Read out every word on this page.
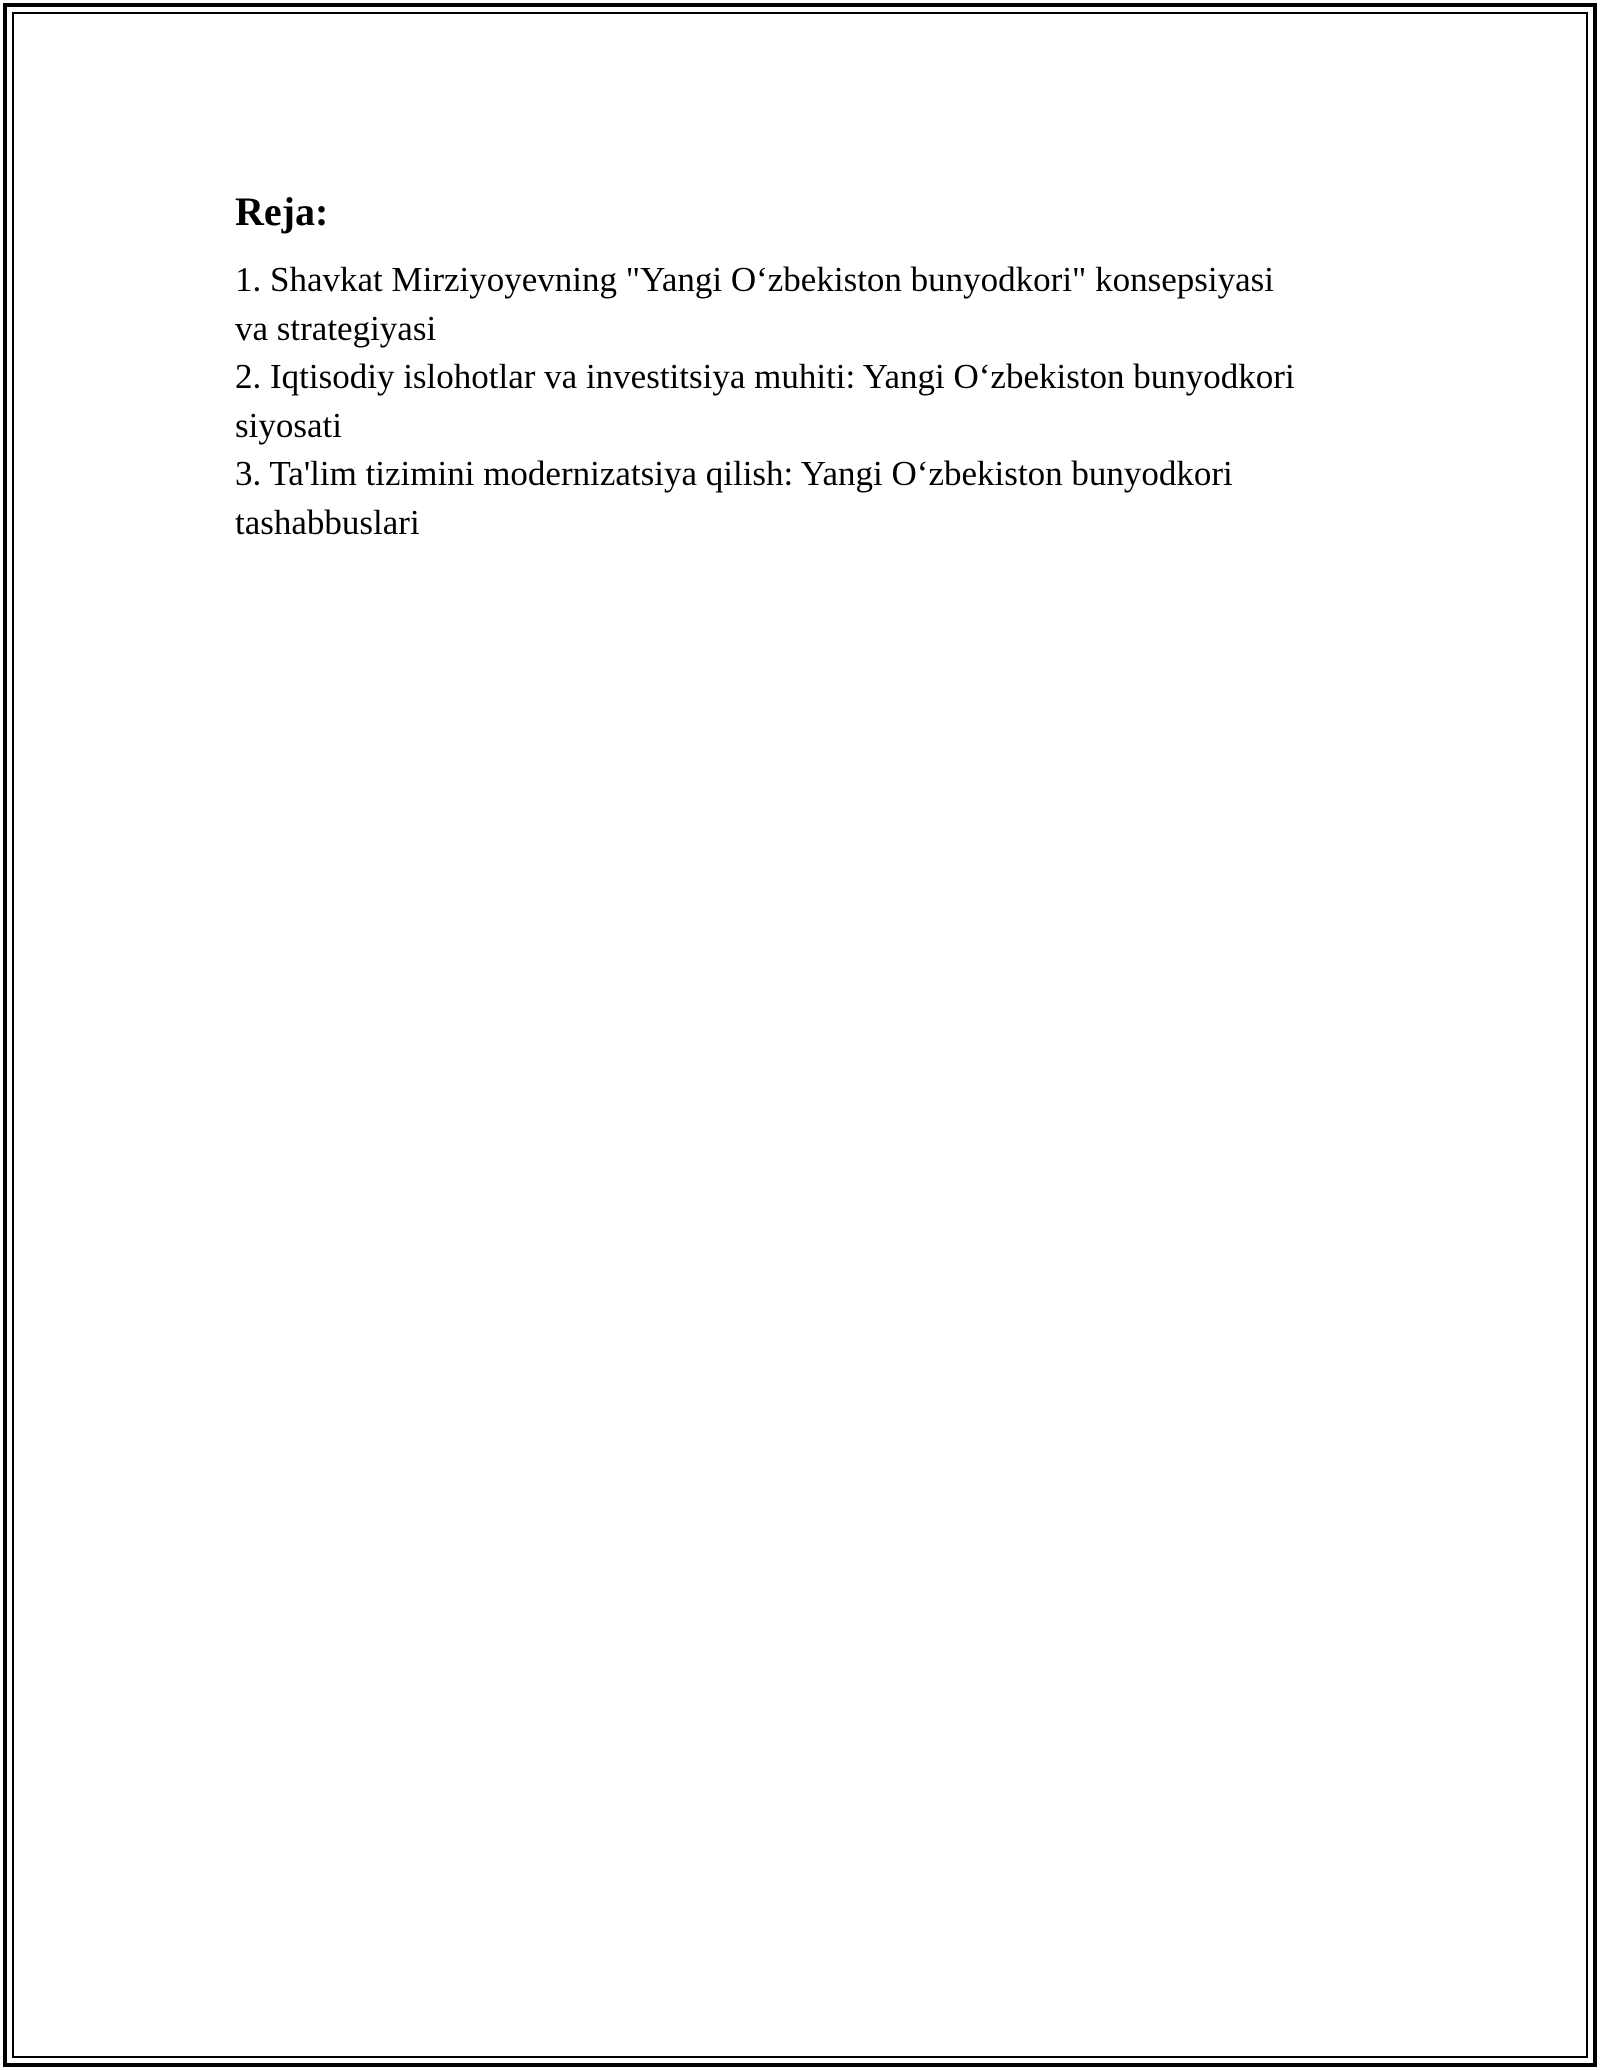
Reja:
1. Shavkat Mirziyoyevning "Yangi O‘zbekiston bunyodkori" konsepsiyasi
va strategiyasi
2. Iqtisodiy islohotlar va investitsiya muhiti: Yangi O‘zbekiston bunyodkori
siyosati
3. Ta'lim tizimini modernizatsiya qilish: Yangi O‘zbekiston bunyodkori
tashabbuslari
